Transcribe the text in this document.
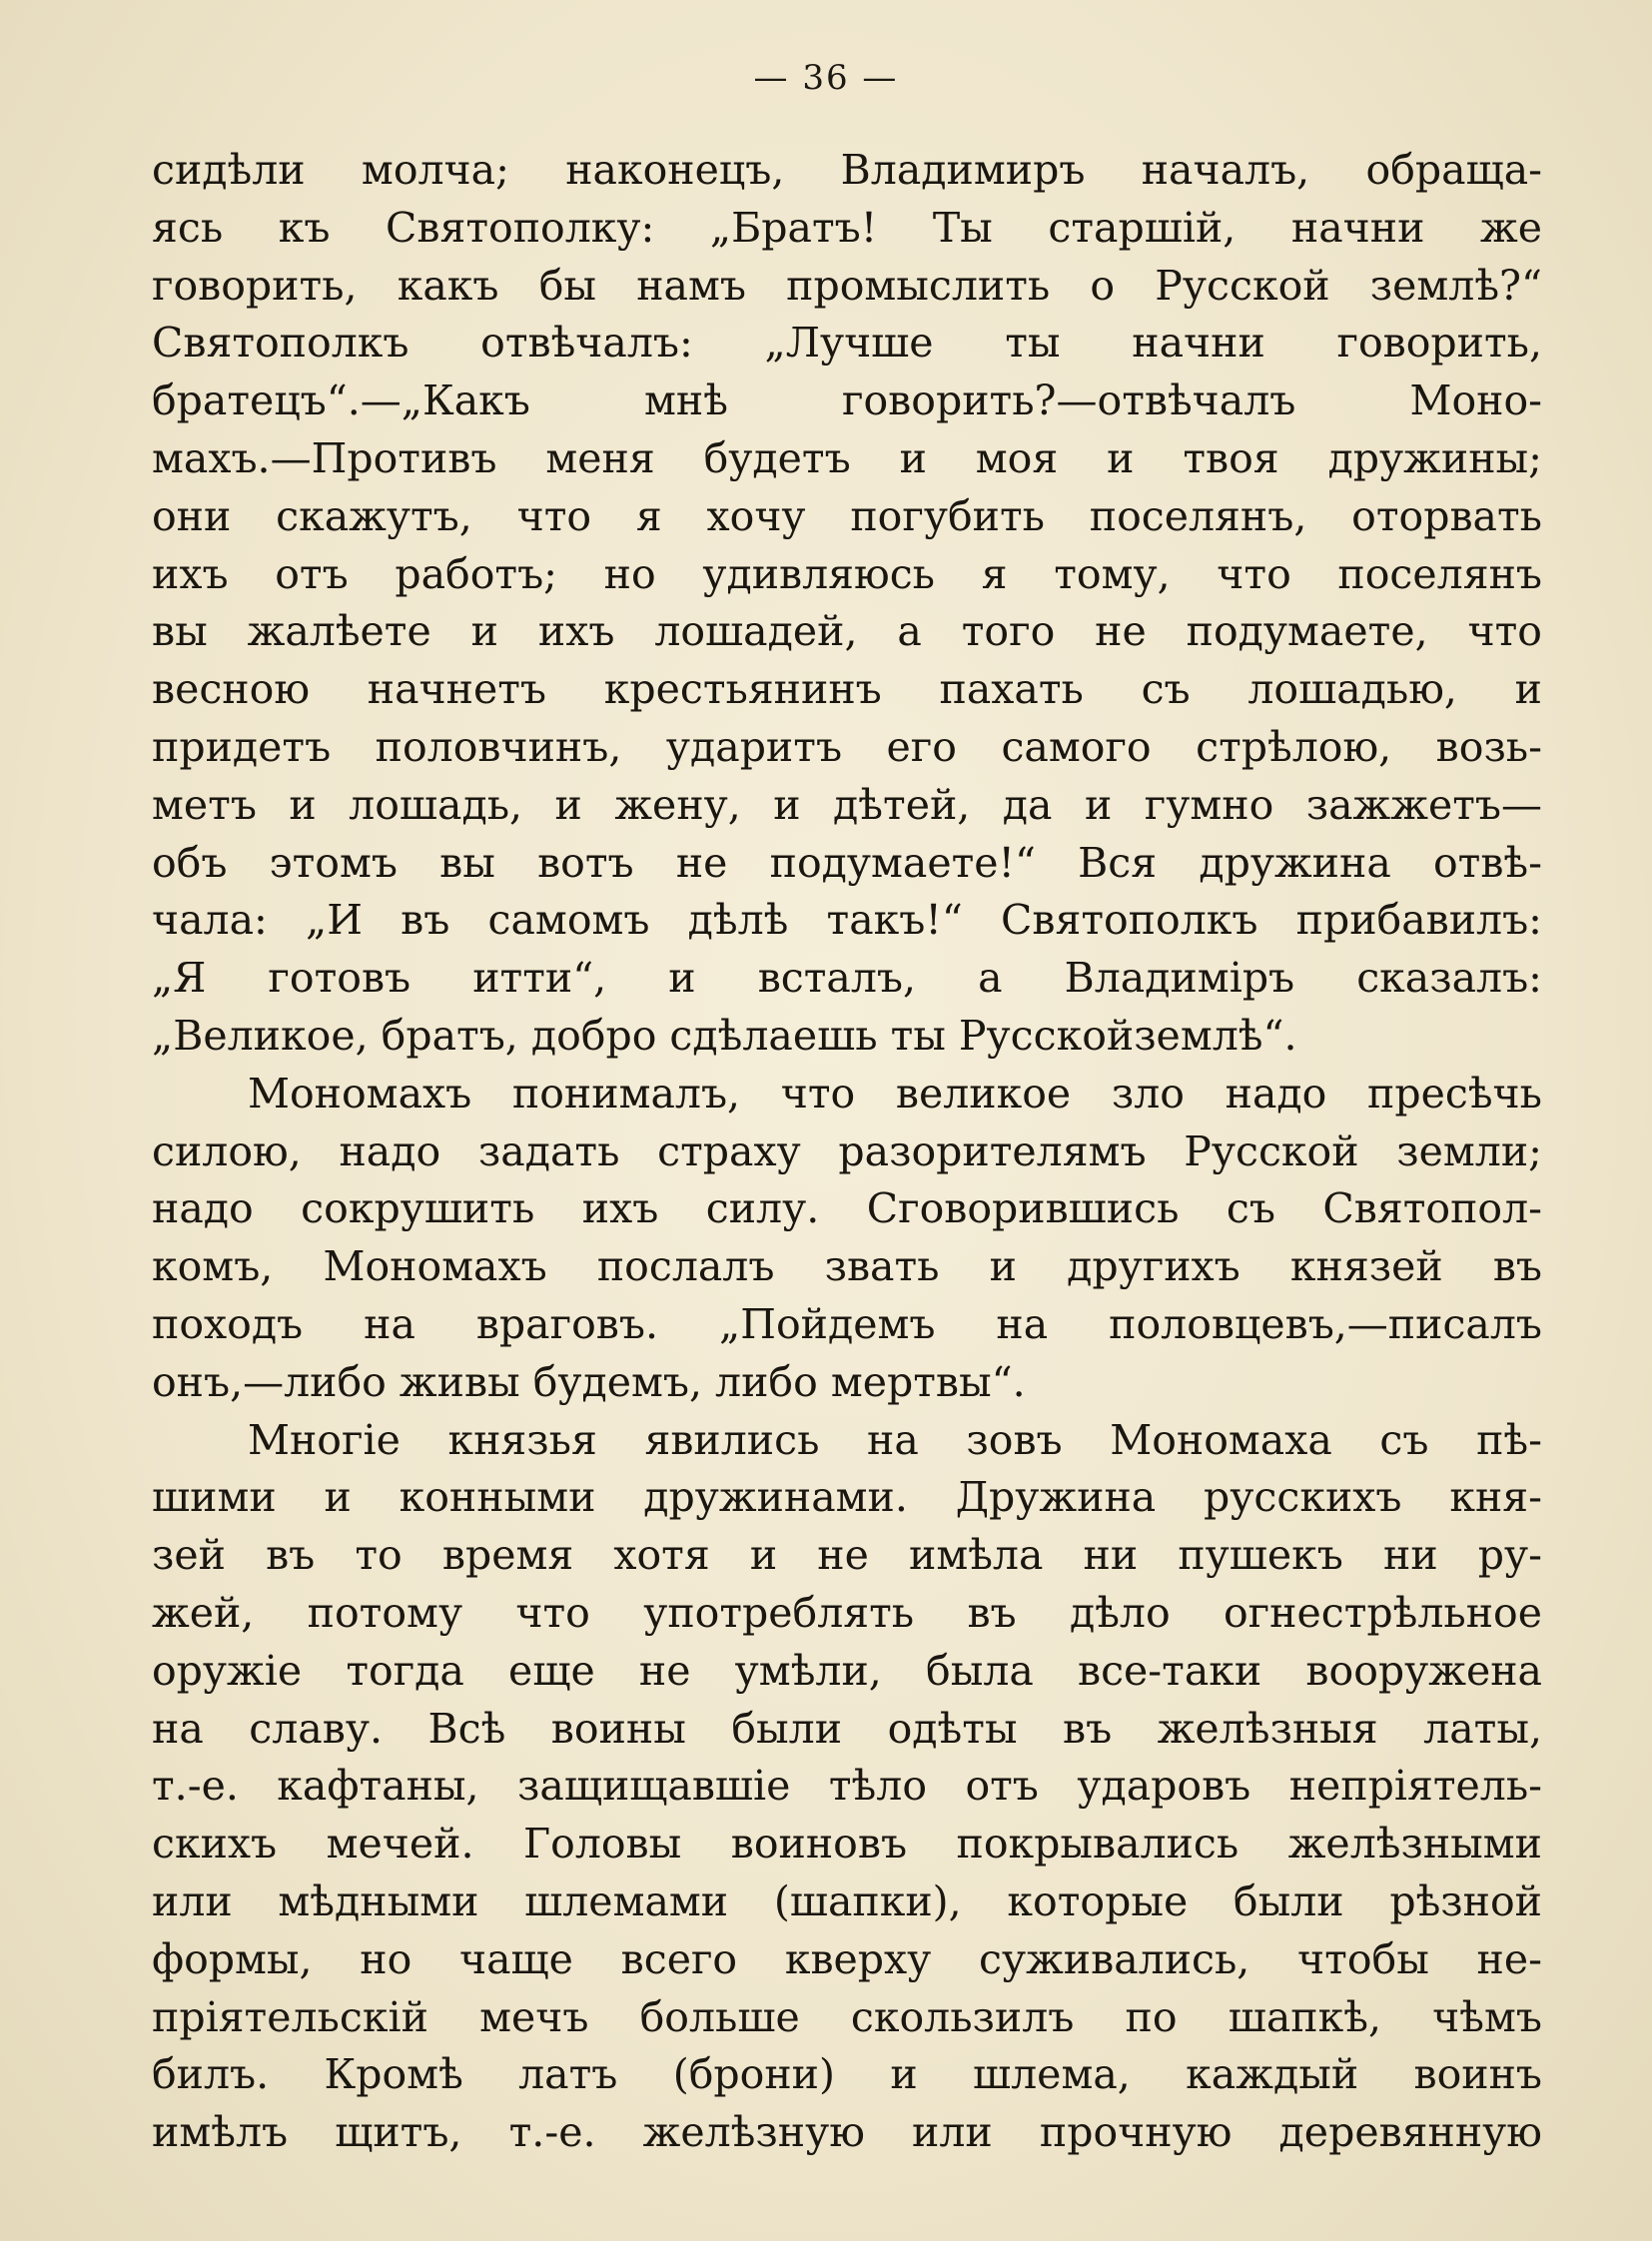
— 36 —
сидѣли молча; наконецъ, Владимиръ началъ, обраща-
ясь къ Святополку: „Братъ! Ты старшій, начни же
говорить, какъ бы намъ промыслить о Русской землѣ?“
Святополкъ отвѣчалъ: „Лучше ты начни говорить,
братецъ“.—„Какъ мнѣ говорить?—отвѣчалъ Моно-
махъ.—Противъ меня будетъ и моя и твоя дружины;
они скажутъ, что я хочу погубить поселянъ, оторвать
ихъ отъ работъ; но удивляюсь я тому, что поселянъ
вы жалѣете и ихъ лошадей, а того не подумаете, что
весною начнетъ крестьянинъ пахать съ лошадью, и
придетъ половчинъ, ударитъ его самого стрѣлою, возь-
метъ и лошадь, и жену, и дѣтей, да и гумно зажжетъ—
объ этомъ вы вотъ не подумаете!“ Вся дружина отвѣ-
чала: „И въ самомъ дѣлѣ такъ!“ Святополкъ прибавилъ:
„Я готовъ итти“, и всталъ, а Владиміръ сказалъ:
„Великое, братъ, добро сдѣлаешь ты Русскойземлѣ“.
Мономахъ понималъ, что великое зло надо пресѣчь
силою, надо задать страху разорителямъ Русской земли;
надо сокрушить ихъ силу. Сговорившись съ Святопол-
комъ, Мономахъ послалъ звать и другихъ князей въ
походъ на враговъ. „Пойдемъ на половцевъ,—писалъ
онъ,—либо живы будемъ, либо мертвы“.
Многіе князья явились на зовъ Мономаха съ пѣ-
шими и конными дружинами. Дружина русскихъ кня-
зей въ то время хотя и не имѣла ни пушекъ ни ру-
жей, потому что употреблять въ дѣло огнестрѣльное
оружіе тогда еще не умѣли, была все-таки вооружена
на славу. Всѣ воины были одѣты въ желѣзныя латы,
т.-е. кафтаны, защищавшіе тѣло отъ ударовъ непріятель-
скихъ мечей. Головы воиновъ покрывались желѣзными
или мѣдными шлемами (шапки), которые были рѣзной
формы, но чаще всего кверху суживались, чтобы не-
пріятельскій мечъ больше скользилъ по шапкѣ, чѣмъ
билъ. Кромѣ латъ (брони) и шлема, каждый воинъ
имѣлъ щитъ, т.-е. желѣзную или прочную деревянную
